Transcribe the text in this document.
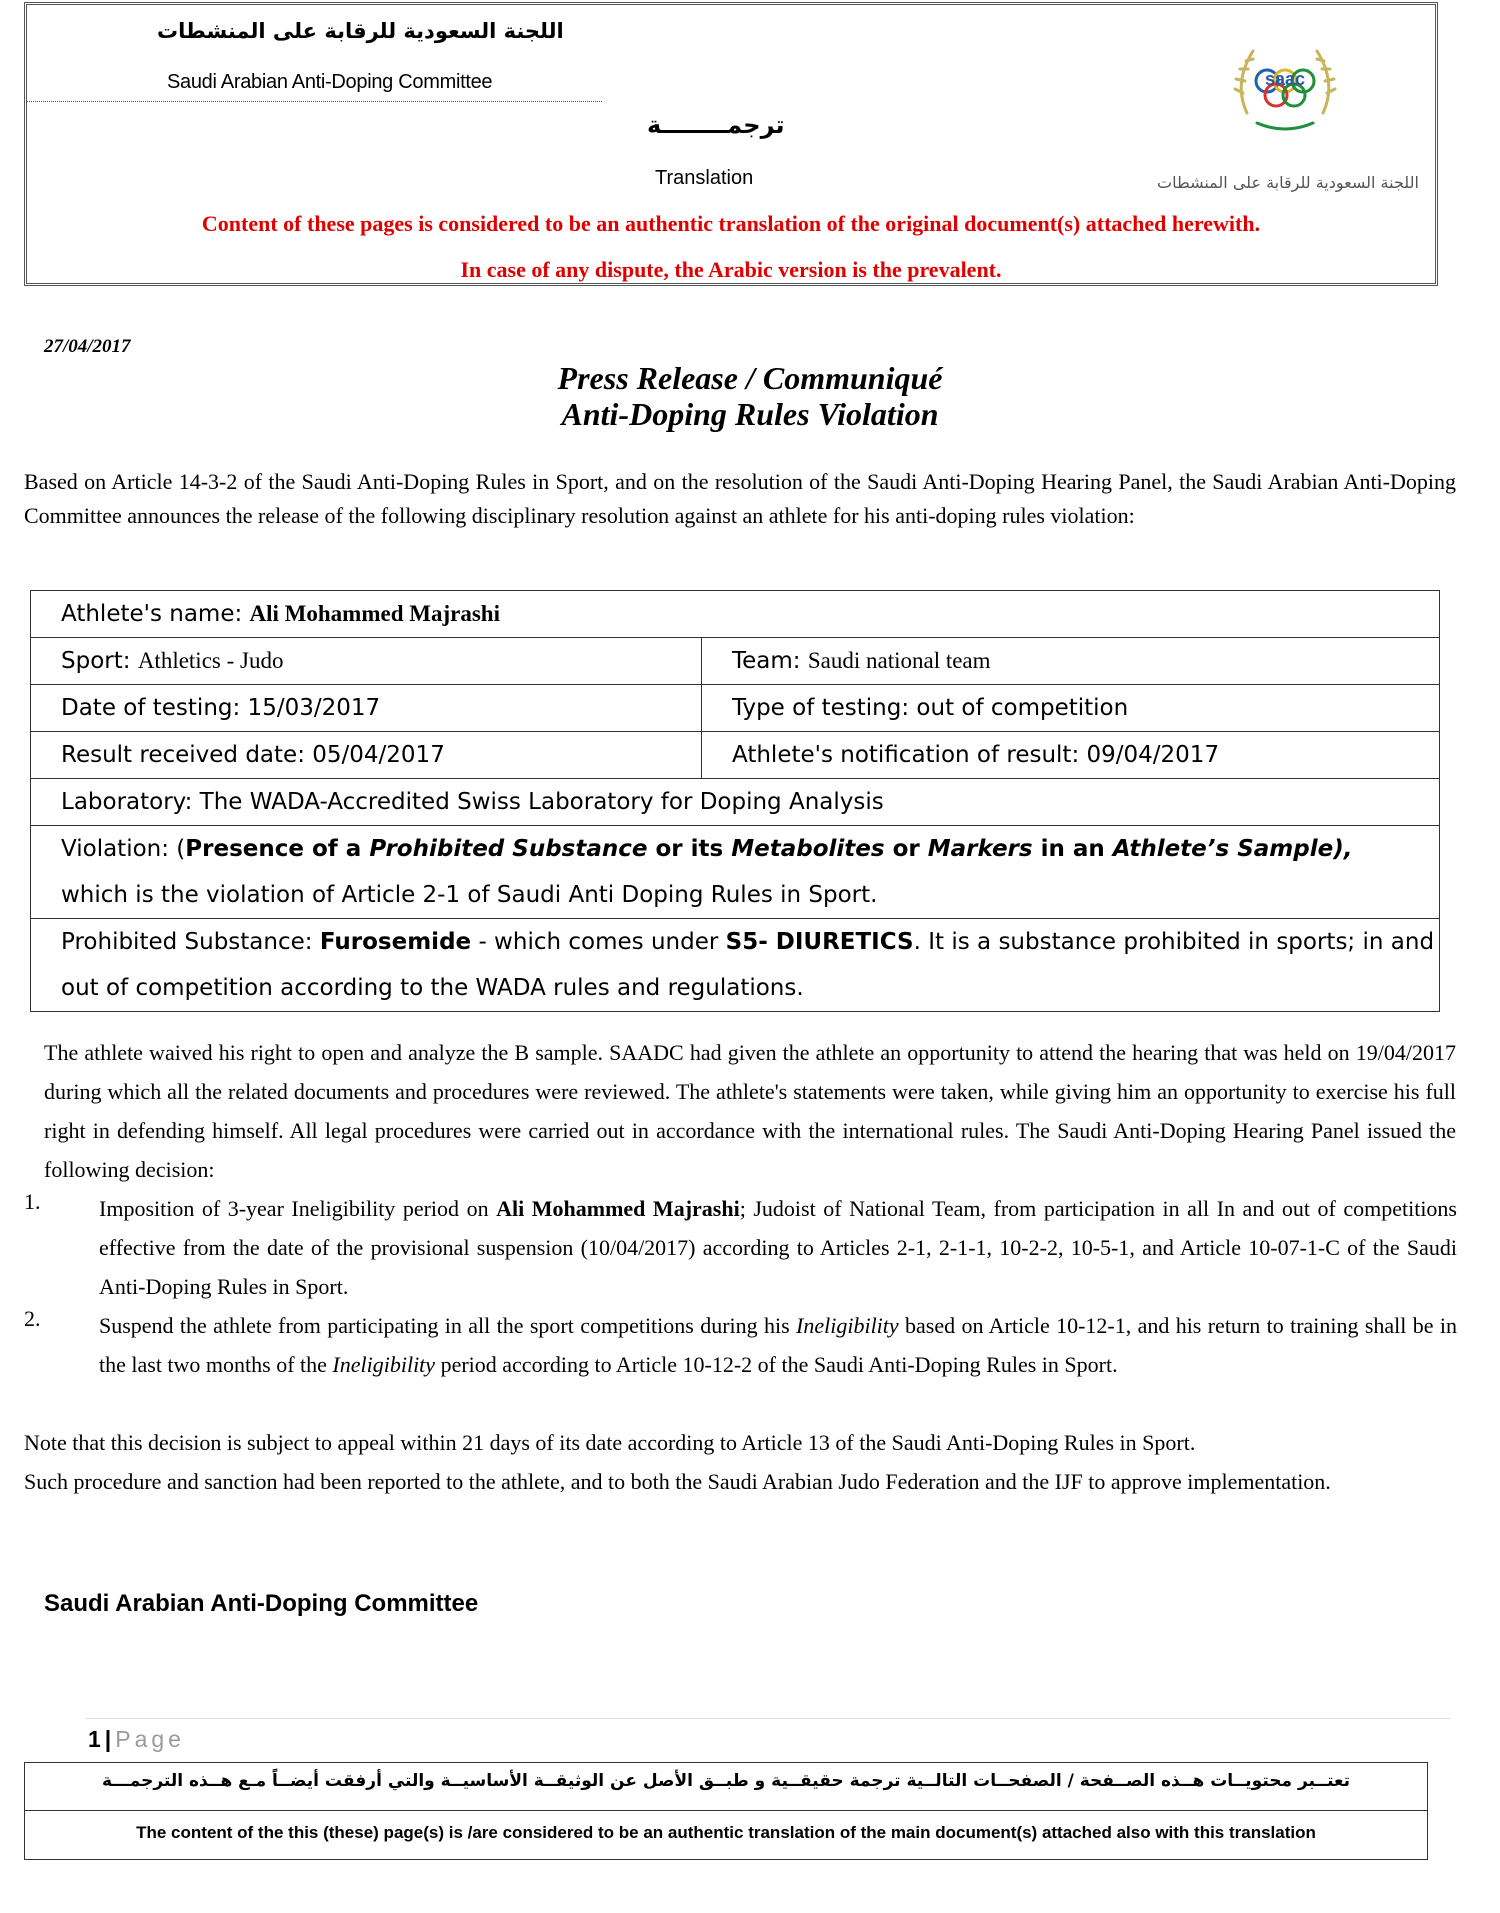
اللجنة السعودية للرقابة على المنشطات
Saudi Arabian Anti-Doping Committee
ترجمــــــــة
Translation
saac
اللجنة السعودية للرقابة على المنشطات
Content of these pages is considered to be an authentic translation of the original document(s) attached herewith.
In case of any dispute, the Arabic version is the prevalent.
27/04/2017
Press Release / Communiqué
Anti-Doping Rules Violation
Based on Article 14-3-2 of the Saudi Anti-Doping Rules in Sport, and on the resolution of the Saudi Anti-Doping Hearing Panel, the Saudi Arabian Anti-Doping Committee announces the release of the following disciplinary resolution against an athlete for his anti-doping rules violation:
Athlete's name: Ali Mohammed Majrashi	
Sport: Athletics - Judo	Team: Saudi national team
Date of testing: 15/03/2017	Type of testing: out of competition
Result received date: 05/04/2017	Athlete's notification of result: 09/04/2017
Laboratory: The WADA-Accredited Swiss Laboratory for Doping Analysis	
Violation: (Presence of a Prohibited Substance or its Metabolites or Markers in an Athlete’s Sample),
which is the violation of Article 2-1 of Saudi Anti Doping Rules in Sport.	
Prohibited Substance: Furosemide - which comes under S5- DIURETICS. It is a substance prohibited in sports; in and out of competition according to the WADA rules and regulations.	
The athlete waived his right to open and analyze the B sample. SAADC had given the athlete an opportunity to attend the hearing that was held on 19/04/2017 during which all the related documents and procedures were reviewed. The athlete's statements were taken, while giving him an opportunity to exercise his full right in defending himself. All legal procedures were carried out in accordance with the international rules. The Saudi Anti-Doping Hearing Panel issued the following decision:
1.	Imposition of 3-year Ineligibility period on Ali Mohammed Majrashi; Judoist of National Team, from participation in all In and out of competitions effective from the date of the provisional suspension (10/04/2017) according to Articles 2-1, 2-1-1, 10-2-2, 10-5-1, and Article 10-07-1-C of the Saudi Anti-Doping Rules in Sport.
2.	Suspend the athlete from participating in all the sport competitions during his Ineligibility based on Article 10-12-1, and his return to training shall be in the last two months of the Ineligibility period according to Article 10-12-2 of the Saudi Anti-Doping Rules in Sport.
Note that this decision is subject to appeal within 21 days of its date according to Article 13 of the Saudi Anti-Doping Rules in Sport.
Such procedure and sanction had been reported to the athlete, and to both the Saudi Arabian Judo Federation and the IJF to approve implementation.
Saudi Arabian Anti-Doping Committee
1 | Page
تعتــبر محتويــات هــذه الصــفحة / الصفحــات التالــية ترجمة حقيقــية و طبــق الأصل عن الوثيقــة الأساسيــة والتي أرفقت أيضــاً مـع هــذه الترجمـــة
The content of the this (these) page(s) is /are considered to be an authentic translation of the main document(s) attached also with this translation
